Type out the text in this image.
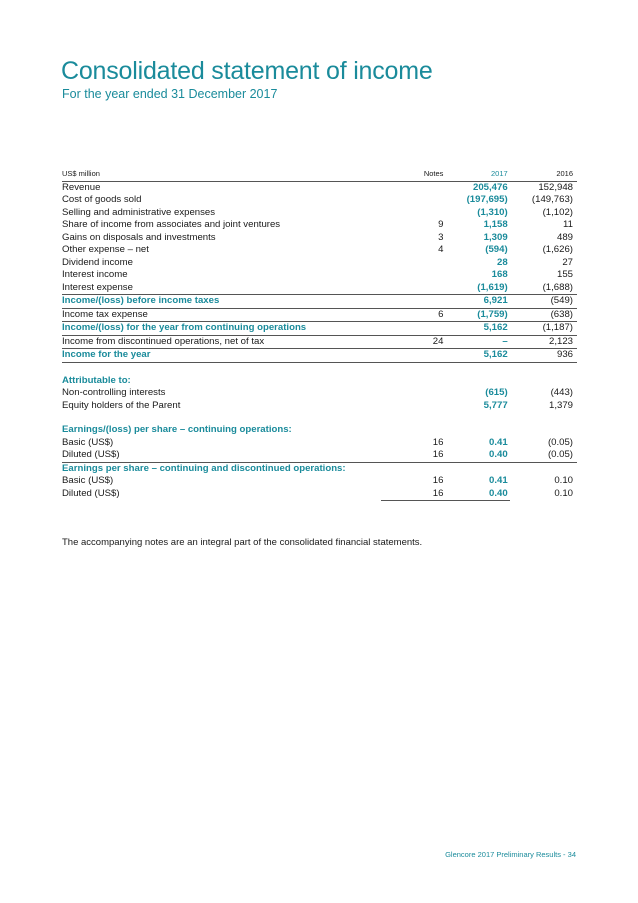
Consolidated statement of income
For the year ended 31 December 2017
US$ million	Notes	2017	2016
Revenue		205,476	152,948
Cost of goods sold		(197,695)	(149,763)
Selling and administrative expenses		(1,310)	(1,102)
Share of income from associates and joint ventures	9	1,158	11
Gains on disposals and investments	3	1,309	489
Other expense – net	4	(594)	(1,626)
Dividend income		28	27
Interest income		168	155
Interest expense		(1,619)	(1,688)
Income/(loss) before income taxes		6,921	(549)
Income tax expense	6	(1,759)	(638)
Income/(loss) for the year from continuing operations		5,162	(1,187)
Income from discontinued operations, net of tax	24	–	2,123
Income for the year		5,162	936

Attributable to:			
Non-controlling interests		(615)	(443)
Equity holders of the Parent		5,777	1,379

Earnings/(loss) per share – continuing operations:			
Basic (US$)	16	0.41	(0.05)
Diluted (US$)	16	0.40	(0.05)
Earnings per share – continuing and discontinued operations:			
Basic (US$)	16	0.41	0.10
Diluted (US$)	16	0.40	0.10
The accompanying notes are an integral part of the consolidated financial statements.
Glencore 2017 Preliminary Results - 34
